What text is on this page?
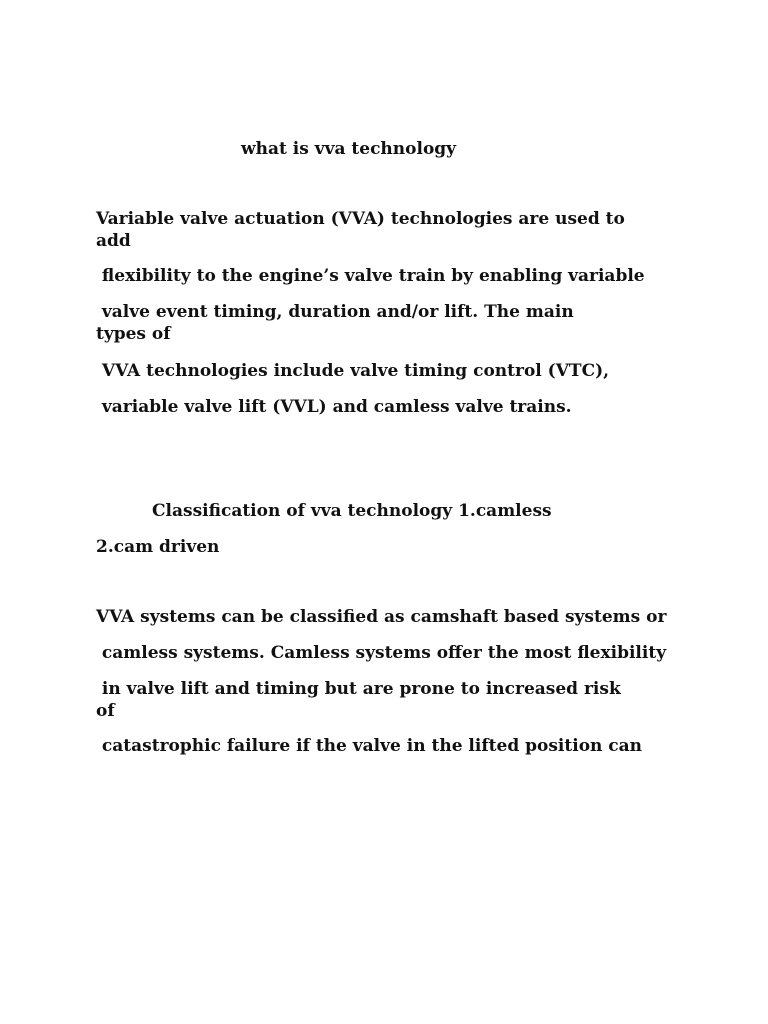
what is vva technology
Variable valve actuation (VVA) technologies are used to
add
flexibility to the engine’s valve train by enabling variable
valve event timing, duration and/or lift. The main
types of
VVA technologies include valve timing control (VTC),
variable valve lift (VVL) and camless valve trains.
Classification of vva technology 1.camless
2.cam driven
VVA systems can be classified as camshaft based systems or
camless systems. Camless systems offer the most flexibility
in valve lift and timing but are prone to increased risk
of
catastrophic failure if the valve in the lifted position can
